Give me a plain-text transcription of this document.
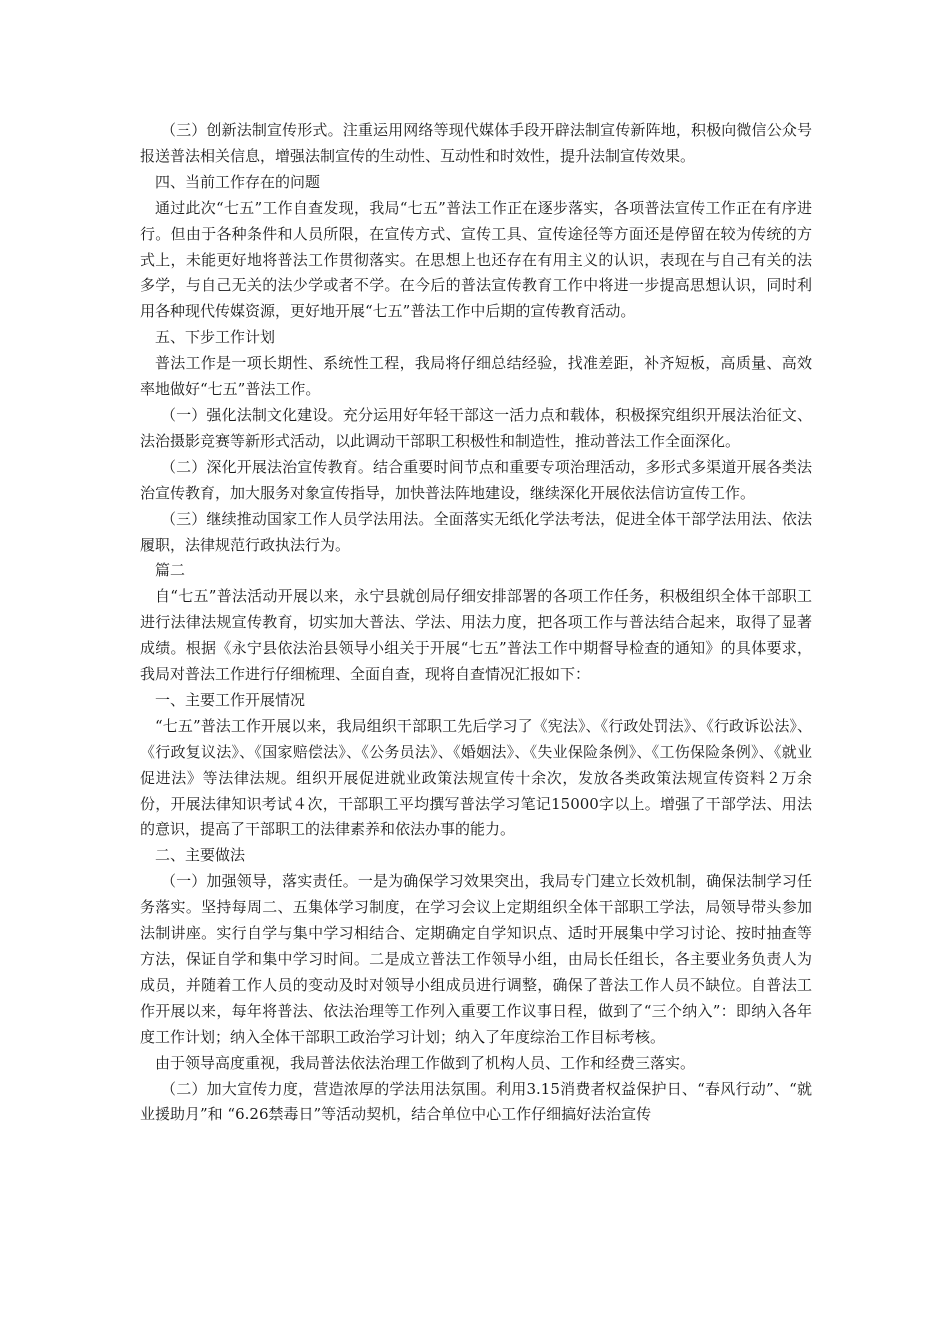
（三）创新法制宣传形式。注重运用网络等现代媒体手段开辟法制宣传新阵地，积极向微信公众号报送普法相关信息，增强法制宣传的生动性、互动性和时效性，提升法制宣传效果。

四、当前工作存在的问题

通过此次“七五”工作自查发现，我局“七五”普法工作正在逐步落实，各项普法宣传工作正在有序进行。但由于各种条件和人员所限，在宣传方式、宣传工具、宣传途径等方面还是停留在较为传统的方式上，未能更好地将普法工作贯彻落实。在思想上也还存在有用主义的认识，表现在与自己有关的法多学，与自己无关的法少学或者不学。在今后的普法宣传教育工作中将进一步提高思想认识，同时利用各种现代传媒资源，更好地开展“七五”普法工作中后期的宣传教育活动。

五、下步工作计划

普法工作是一项长期性、系统性工程，我局将仔细总结经验，找准差距，补齐短板，高质量、高效率地做好“七五”普法工作。

（一）强化法制文化建设。充分运用好年轻干部这一活力点和载体，积极探究组织开展法治征文、法治摄影竞赛等新形式活动，以此调动干部职工积极性和制造性，推动普法工作全面深化。

（二）深化开展法治宣传教育。结合重要时间节点和重要专项治理活动，多形式多渠道开展各类法治宣传教育，加大服务对象宣传指导，加快普法阵地建设，继续深化开展依法信访宣传工作。

（三）继续推动国家工作人员学法用法。全面落实无纸化学法考法，促进全体干部学法用法、依法履职，法律规范行政执法行为。

篇二

自“七五”普法活动开展以来，永宁县就创局仔细安排部署的各项工作任务，积极组织全体干部职工进行法律法规宣传教育，切实加大普法、学法、用法力度，把各项工作与普法结合起来，取得了显著成绩。根据《永宁县依法治县领导小组关于开展“七五”普法工作中期督导检查的通知》的具体要求，我局对普法工作进行仔细梳理、全面自查，现将自查情况汇报如下：

一、主要工作开展情况

“七五”普法工作开展以来，我局组织干部职工先后学习了《宪法》、《行政处罚法》、《行政诉讼法》、《行政复议法》、《国家赔偿法》、《公务员法》、《婚姻法》、《失业保险条例》、《工伤保险条例》、《就业促进法》等法律法规。组织开展促进就业政策法规宣传十余次，发放各类政策法规宣传资料２万余份，开展法律知识考试４次，干部职工平均撰写普法学习笔记15000字以上。增强了干部学法、用法的意识，提高了干部职工的法律素养和依法办事的能力。

二、主要做法

（一）加强领导，落实责任。一是为确保学习效果突出，我局专门建立长效机制，确保法制学习任务落实。坚持每周二、五集体学习制度，在学习会议上定期组织全体干部职工学法，局领导带头参加法制讲座。实行自学与集中学习相结合、定期确定自学知识点、适时开展集中学习讨论、按时抽查等方法，保证自学和集中学习时间。二是成立普法工作领导小组，由局长任组长，各主要业务负责人为成员，并随着工作人员的变动及时对领导小组成员进行调整，确保了普法工作人员不缺位。自普法工作开展以来，每年将普法、依法治理等工作列入重要工作议事日程，做到了“三个纳入”：即纳入各年度工作计划；纳入全体干部职工政治学习计划；纳入了年度综治工作目标考核。

由于领导高度重视，我局普法依法治理工作做到了机构人员、工作和经费三落实。

（二）加大宣传力度，营造浓厚的学法用法氛围。利用3.15消费者权益保护日、“春风行动”、“就业援助月”和 “6.26禁毒日”等活动契机，结合单位中心工作仔细搞好法治宣传
